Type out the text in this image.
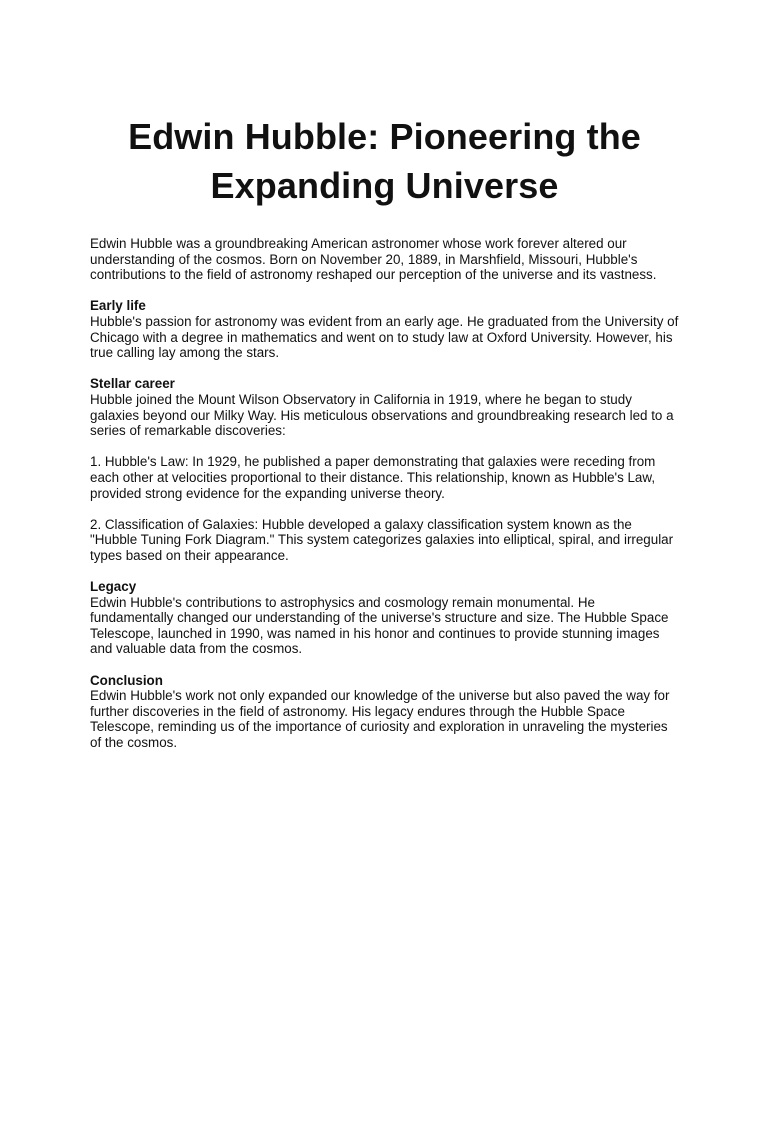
Edwin Hubble: Pioneering the
Expanding Universe

Edwin Hubble was a groundbreaking American astronomer whose work forever altered our understanding of the cosmos. Born on November 20, 1889, in Marshfield, Missouri, Hubble's contributions to the field of astronomy reshaped our perception of the universe and its vastness.

Early life
Hubble's passion for astronomy was evident from an early age. He graduated from the University of Chicago with a degree in mathematics and went on to study law at Oxford University. However, his true calling lay among the stars.

Stellar career
Hubble joined the Mount Wilson Observatory in California in 1919, where he began to study galaxies beyond our Milky Way. His meticulous observations and groundbreaking research led to a series of remarkable discoveries:

1. Hubble's Law: In 1929, he published a paper demonstrating that galaxies were receding from each other at velocities proportional to their distance. This relationship, known as Hubble's Law, provided strong evidence for the expanding universe theory.

2. Classification of Galaxies: Hubble developed a galaxy classification system known as the "Hubble Tuning Fork Diagram." This system categorizes galaxies into elliptical, spiral, and irregular types based on their appearance.

Legacy
Edwin Hubble's contributions to astrophysics and cosmology remain monumental. He fundamentally changed our understanding of the universe's structure and size. The Hubble Space Telescope, launched in 1990, was named in his honor and continues to provide stunning images and valuable data from the cosmos.

Conclusion
Edwin Hubble's work not only expanded our knowledge of the universe but also paved the way for further discoveries in the field of astronomy. His legacy endures through the Hubble Space Telescope, reminding us of the importance of curiosity and exploration in unraveling the mysteries of the cosmos.
